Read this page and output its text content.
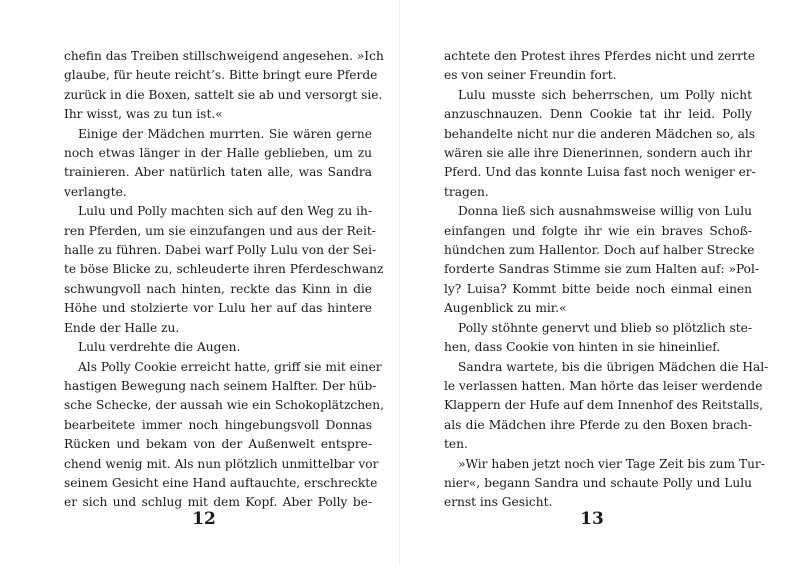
chefin das Treiben stillschweigend angesehen. »Ich
glaube, für heute reicht’s. Bitte bringt eure Pferde
zurück in die Boxen, sattelt sie ab und versorgt sie.
Ihr wisst, was zu tun ist.«
Einige der Mädchen murrten. Sie wären gerne
noch etwas länger in der Halle geblieben, um zu
trainieren. Aber natürlich taten alle, was Sandra
verlangte.
Lulu und Polly machten sich auf den Weg zu ih-
ren Pferden, um sie einzufangen und aus der Reit-
halle zu führen. Dabei warf Polly Lulu von der Sei-
te böse Blicke zu, schleuderte ihren Pferdeschwanz
schwungvoll nach hinten, reckte das Kinn in die
Höhe und stolzierte vor Lulu her auf das hintere
Ende der Halle zu.
Lulu verdrehte die Augen.
Als Polly Cookie erreicht hatte, griff sie mit einer
hastigen Bewegung nach seinem Halfter. Der hüb-
sche Schecke, der aussah wie ein Schokoplätzchen,
bearbeitete immer noch hingebungsvoll Donnas
Rücken und bekam von der Außenwelt entspre-
chend wenig mit. Als nun plötzlich unmittelbar vor
seinem Gesicht eine Hand auftauchte, erschreckte
er sich und schlug mit dem Kopf. Aber Polly be-
12
achtete den Protest ihres Pferdes nicht und zerrte
es von seiner Freundin fort.
Lulu musste sich beherrschen, um Polly nicht
anzuschnauzen. Denn Cookie tat ihr leid. Polly
behandelte nicht nur die anderen Mädchen so, als
wären sie alle ihre Dienerinnen, sondern auch ihr
Pferd. Und das konnte Luisa fast noch weniger er-
tragen.
Donna ließ sich ausnahmsweise willig von Lulu
einfangen und folgte ihr wie ein braves Schoß-
hündchen zum Hallentor. Doch auf halber Strecke
forderte Sandras Stimme sie zum Halten auf: »Pol-
ly? Luisa? Kommt bitte beide noch einmal einen
Augenblick zu mir.«
Polly stöhnte genervt und blieb so plötzlich ste-
hen, dass Cookie von hinten in sie hineinlief.
Sandra wartete, bis die übrigen Mädchen die Hal-
le verlassen hatten. Man hörte das leiser werdende
Klappern der Hufe auf dem Innenhof des Reitstalls,
als die Mädchen ihre Pferde zu den Boxen brach-
ten.
»Wir haben jetzt noch vier Tage Zeit bis zum Tur-
nier«, begann Sandra und schaute Polly und Lulu
ernst ins Gesicht.
13
